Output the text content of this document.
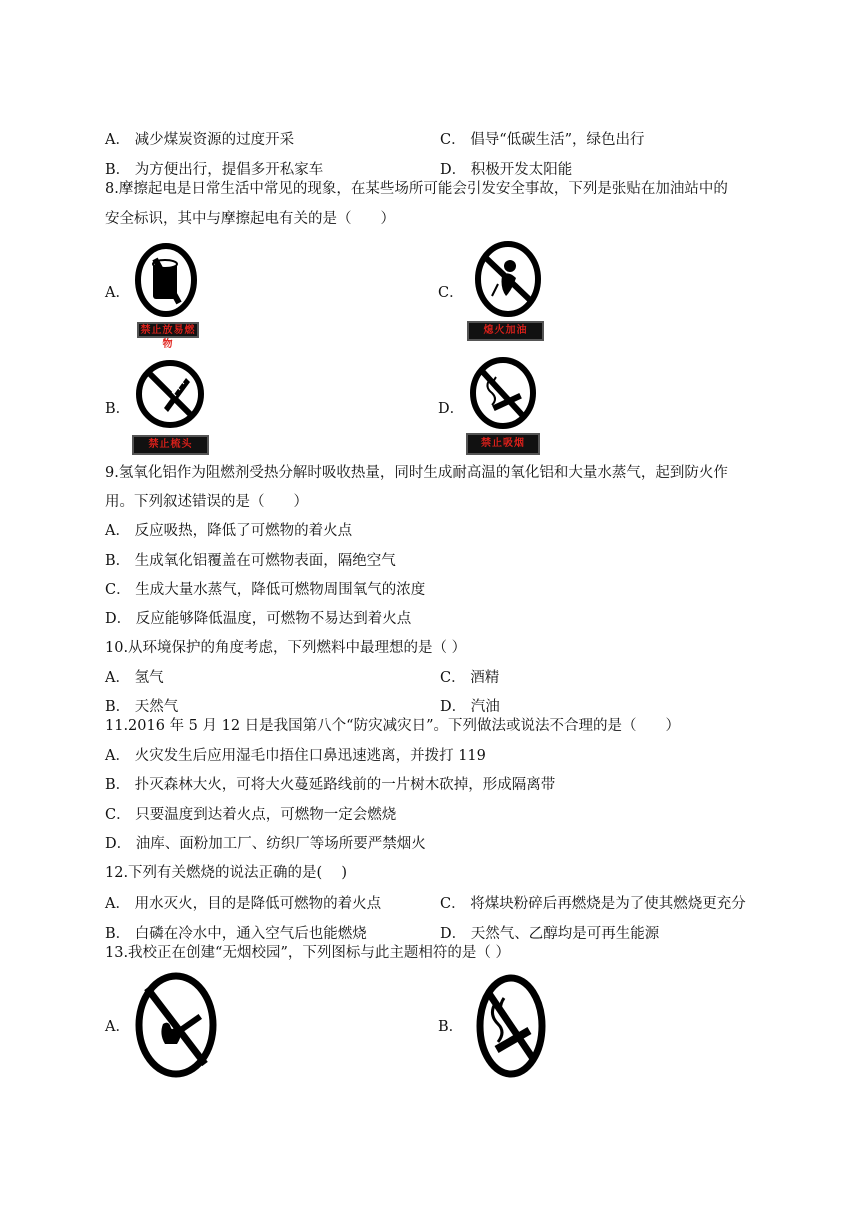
A． 减少煤炭资源的过度开采	C． 倡导“低碳生活”，绿色出行
B． 为方便出行，提倡多开私家车	D． 积极开发太阳能
8.摩擦起电是日常生活中常见的现象，在某些场所可能会引发安全事故，下列是张贴在加油站中的
安全标识，其中与摩擦起电有关的是（　　）
A．
禁止放易燃物
C．
熄火加油
B．
禁止梳头
D．
禁止吸烟
9.氢氧化铝作为阻燃剂受热分解时吸收热量，同时生成耐高温的氧化铝和大量水蒸气，起到防火作
用。下列叙述错误的是（　　）
A． 反应吸热，降低了可燃物的着火点
B． 生成氧化铝覆盖在可燃物表面，隔绝空气
C． 生成大量水蒸气，降低可燃物周围氧气的浓度
D． 反应能够降低温度，可燃物不易达到着火点
10.从环境保护的角度考虑，下列燃料中最理想的是（ ）
A． 氢气	C． 酒精
B． 天然气	D． 汽油
11.2016 年 5 月 12 日是我国第八个“防灾减灾日”。下列做法或说法不合理的是（　　）
A． 火灾发生后应用湿毛巾捂住口鼻迅速逃离，并拨打 119
B． 扑灭森林大火，可将大火蔓延路线前的一片树木砍掉，形成隔离带
C． 只要温度到达着火点，可燃物一定会燃烧
D． 油库、面粉加工厂、纺织厂等场所要严禁烟火
12.下列有关燃烧的说法正确的是(　 )
A． 用水灭火，目的是降低可燃物的着火点	C． 将煤块粉碎后再燃烧是为了使其燃烧更充分
B． 白磷在冷水中，通入空气后也能燃烧	D． 天然气、乙醇均是可再生能源
13.我校正在创建“无烟校园”，下列图标与此主题相符的是（ ）
A．	B．
